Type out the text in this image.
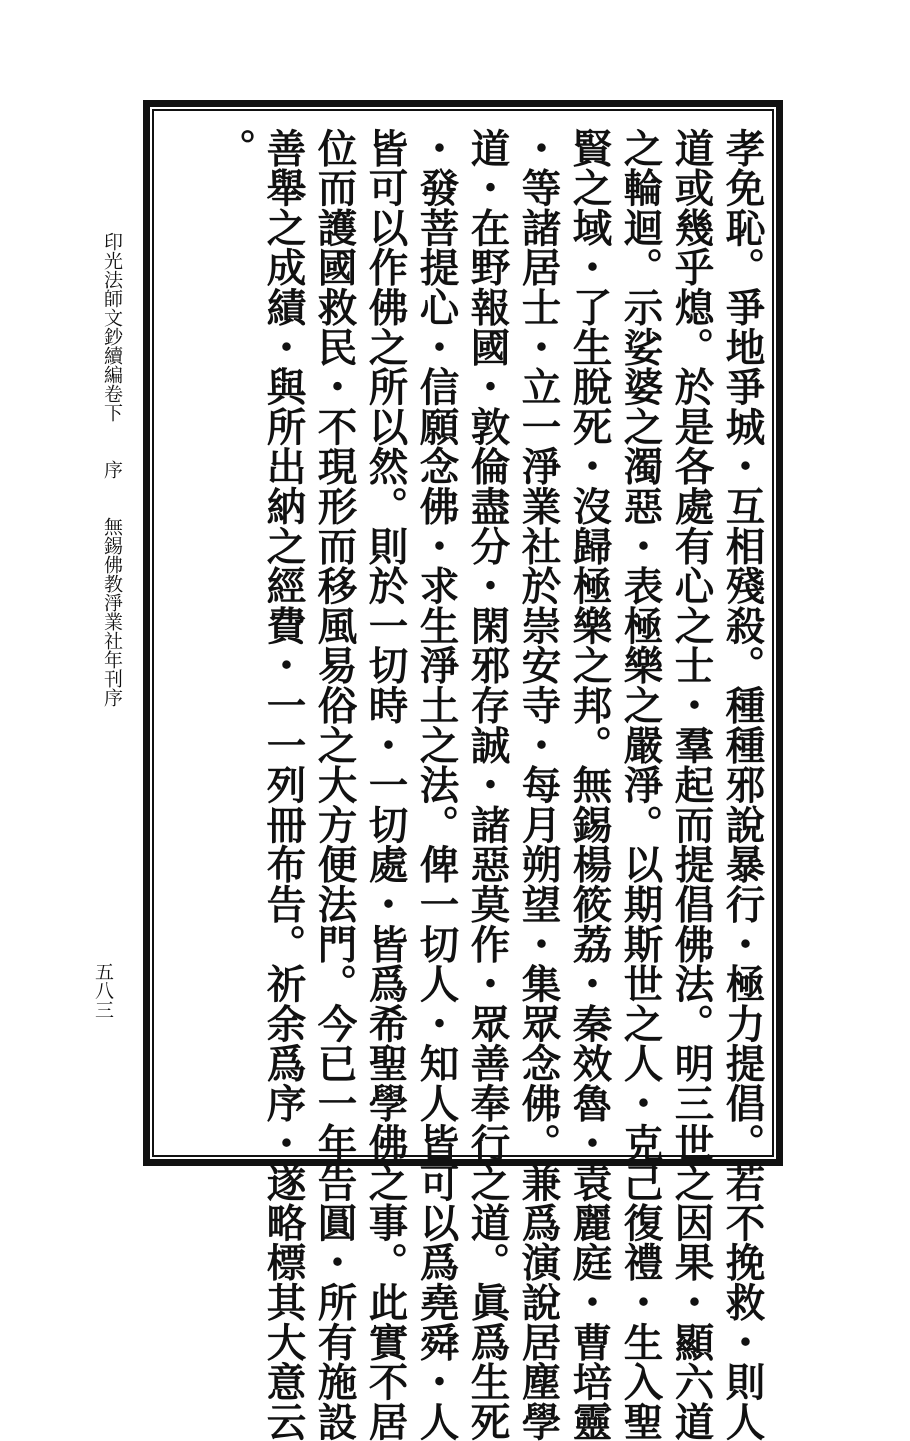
印光法師文鈔續編卷下　　序　　無錫佛教淨業社年刊序
五八三	孝免恥。爭地爭城・互相殘殺。種種邪說暴行・極力提倡。若不挽救・則人
道或幾乎熄。於是各處有心之士・羣起而提倡佛法。明三世之因果・顯六道
之輪迴。示娑婆之濁惡・表極樂之嚴淨。以期斯世之人・克己復禮・生入聖
賢之域・了生脫死・沒歸極樂之邦。無錫楊筱荔・秦效魯・袁麗庭・曹培靈
・等諸居士・立一淨業社於崇安寺・每月朔望・集眾念佛。兼爲演說居塵學
道・在野報國・敦倫盡分・閑邪存誠・諸惡莫作・眾善奉行之道。眞爲生死
・發菩提心・信願念佛・求生淨土之法。俾一切人・知人皆可以爲堯舜・人
皆可以作佛之所以然。則於一切時・一切處・皆爲希聖學佛之事。此實不居
位而護國救民・不現形而移風易俗之大方便法門。今已一年告圓・所有施設
善舉之成績・與所出納之經費・一一列冊布告。祈余爲序・遂略標其大意云
。
